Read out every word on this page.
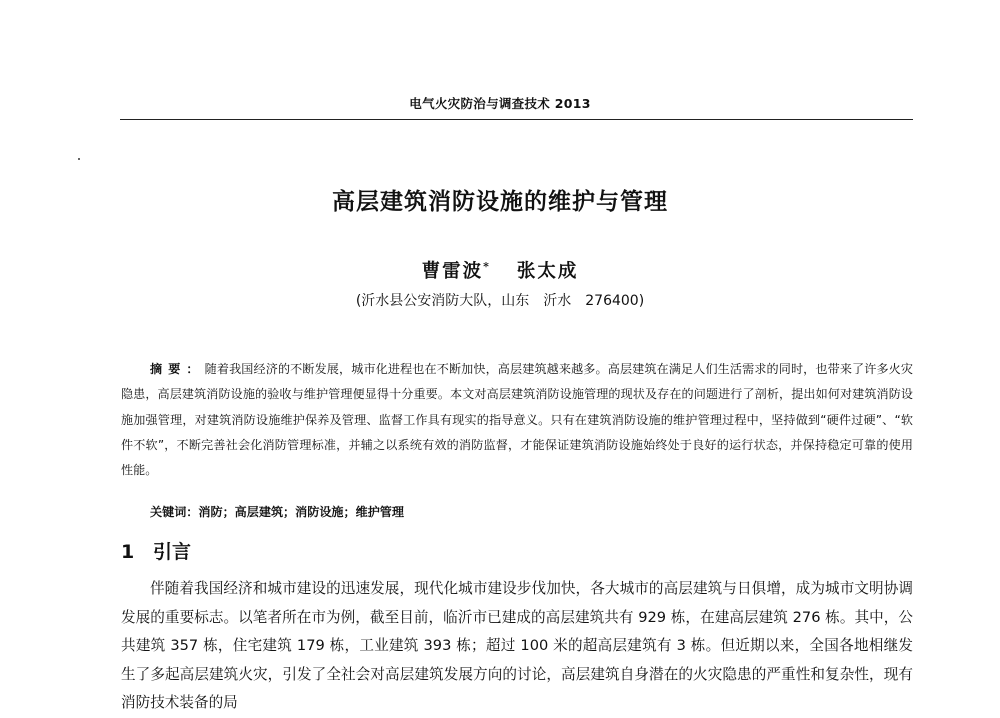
电气火灾防治与调查技术 2013
高层建筑消防设施的维护与管理
曹雷波* 张太成
(沂水县公安消防大队，山东　沂水　276400)

摘要：随着我国经济的不断发展，城市化进程也在不断加快，高层建筑越来越多。高层建筑在满足人们生活需求的同时，也带来了许多火灾隐患，高层建筑消防设施的验收与维护管理便显得十分重要。本文对高层建筑消防设施管理的现状及存在的问题进行了剖析，提出如何对建筑消防设施加强管理，对建筑消防设施维护保养及管理、监督工作具有现实的指导意义。只有在建筑消防设施的维护管理过程中，坚持做到“硬件过硬”、“软件不软”，不断完善社会化消防管理标准，并辅之以系统有效的消防监督，才能保证建筑消防设施始终处于良好的运行状态，并保持稳定可靠的使用性能。

关键词：消防；高层建筑；消防设施；维护管理

1 引言

伴随着我国经济和城市建设的迅速发展，现代化城市建设步伐加快，各大城市的高层建筑与日俱增，成为城市文明协调发展的重要标志。以笔者所在市为例，截至目前，临沂市已建成的高层建筑共有 929 栋，在建高层建筑 276 栋。其中，公共建筑 357 栋，住宅建筑 179 栋，工业建筑 393 栋；超过 100 米的超高层建筑有 3 栋。但近期以来，全国各地相继发生了多起高层建筑火灾，引发了全社会对高层建筑发展方向的讨论，高层建筑自身潜在的火灾隐患的严重性和复杂性，现有消防技术装备的局
